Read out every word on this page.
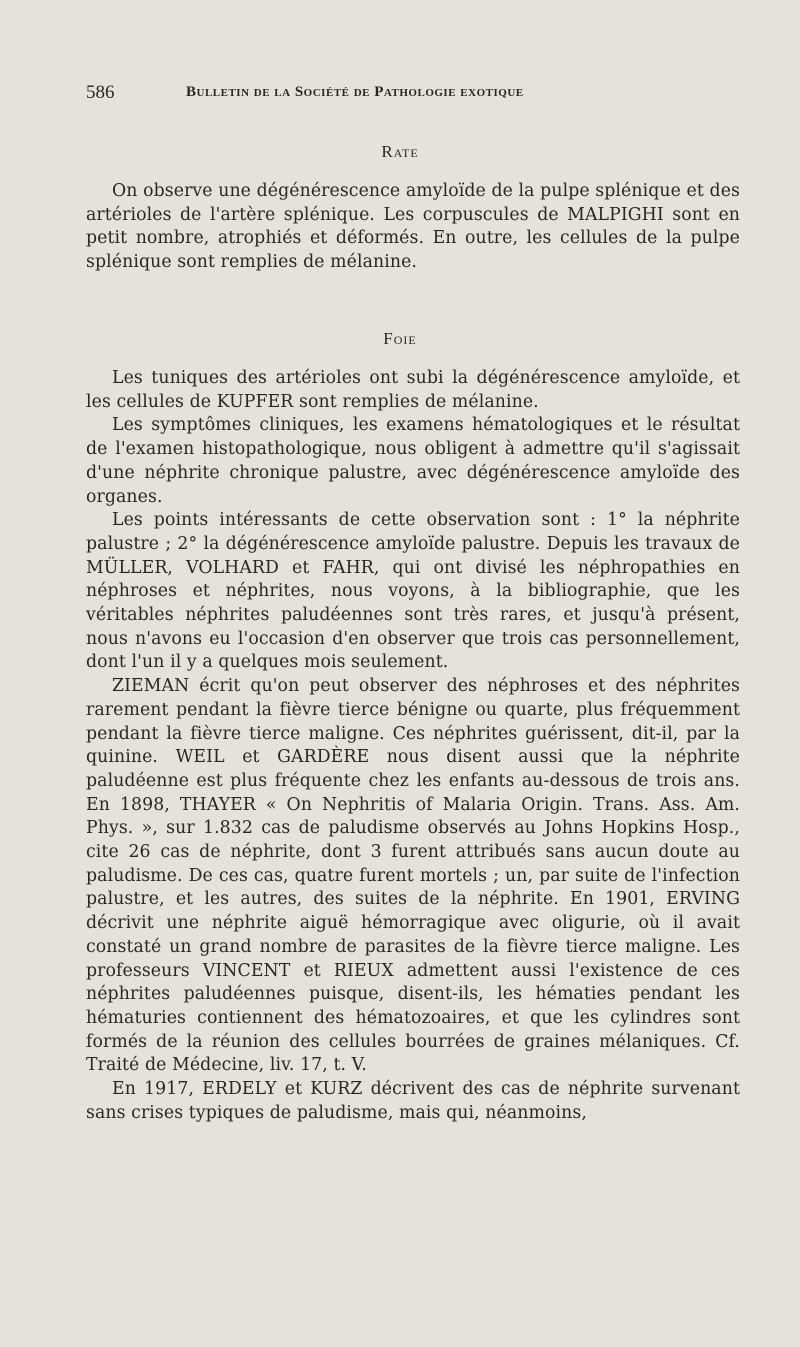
586	Bulletin de la Société de Pathologie exotique
Rate

On observe une dégénérescence amyloïde de la pulpe splénique et des artérioles de l'artère splénique. Les corpuscules de MALPIGHI sont en petit nombre, atrophiés et déformés. En outre, les cellules de la pulpe splénique sont remplies de mélanine.

Foie
Les tuniques des artérioles ont subi la dégénérescence amyloïde, et les cellules de KUPFER sont remplies de mélanine.
Les symptômes cliniques, les examens hématologiques et le résultat de l'examen histopathologique, nous obligent à admettre qu'il s'agissait d'une néphrite chronique palustre, avec dégénérescence amyloïde des organes.
Les points intéressants de cette observation sont : 1° la néphrite palustre ; 2° la dégénérescence amyloïde palustre. Depuis les travaux de MÜLLER, VOLHARD et FAHR, qui ont divisé les néphropathies en néphroses et néphrites, nous voyons, à la bibliographie, que les véritables néphrites paludéennes sont très rares, et jusqu'à présent, nous n'avons eu l'occasion d'en observer que trois cas personnellement, dont l'un il y a quelques mois seulement.
ZIEMAN écrit qu'on peut observer des néphroses et des néphrites rarement pendant la fièvre tierce bénigne ou quarte, plus fréquemment pendant la fièvre tierce maligne. Ces néphrites guérissent, dit-il, par la quinine. WEIL et GARDÈRE nous disent aussi que la néphrite paludéenne est plus fréquente chez les enfants au-dessous de trois ans. En 1898, THAYER « On Nephritis of Malaria Origin. Trans. Ass. Am. Phys. », sur 1.832 cas de paludisme observés au Johns Hopkins Hosp., cite 26 cas de néphrite, dont 3 furent attribués sans aucun doute au paludisme. De ces cas, quatre furent mortels ; un, par suite de l'infection palustre, et les autres, des suites de la néphrite. En 1901, ERVING décrivit une néphrite aiguë hémorragique avec oligurie, où il avait constaté un grand nombre de parasites de la fièvre tierce maligne. Les professeurs VINCENT et RIEUX admettent aussi l'existence de ces néphrites paludéennes puisque, disent-ils, les hématies pendant les hématuries contiennent des hématozoaires, et que les cylindres sont formés de la réunion des cellules bourrées de graines mélaniques. Cf. Traité de Médecine, liv. 17, t. V.
En 1917, ERDELY et KURZ décrivent des cas de néphrite survenant sans crises typiques de paludisme, mais qui, néanmoins,
